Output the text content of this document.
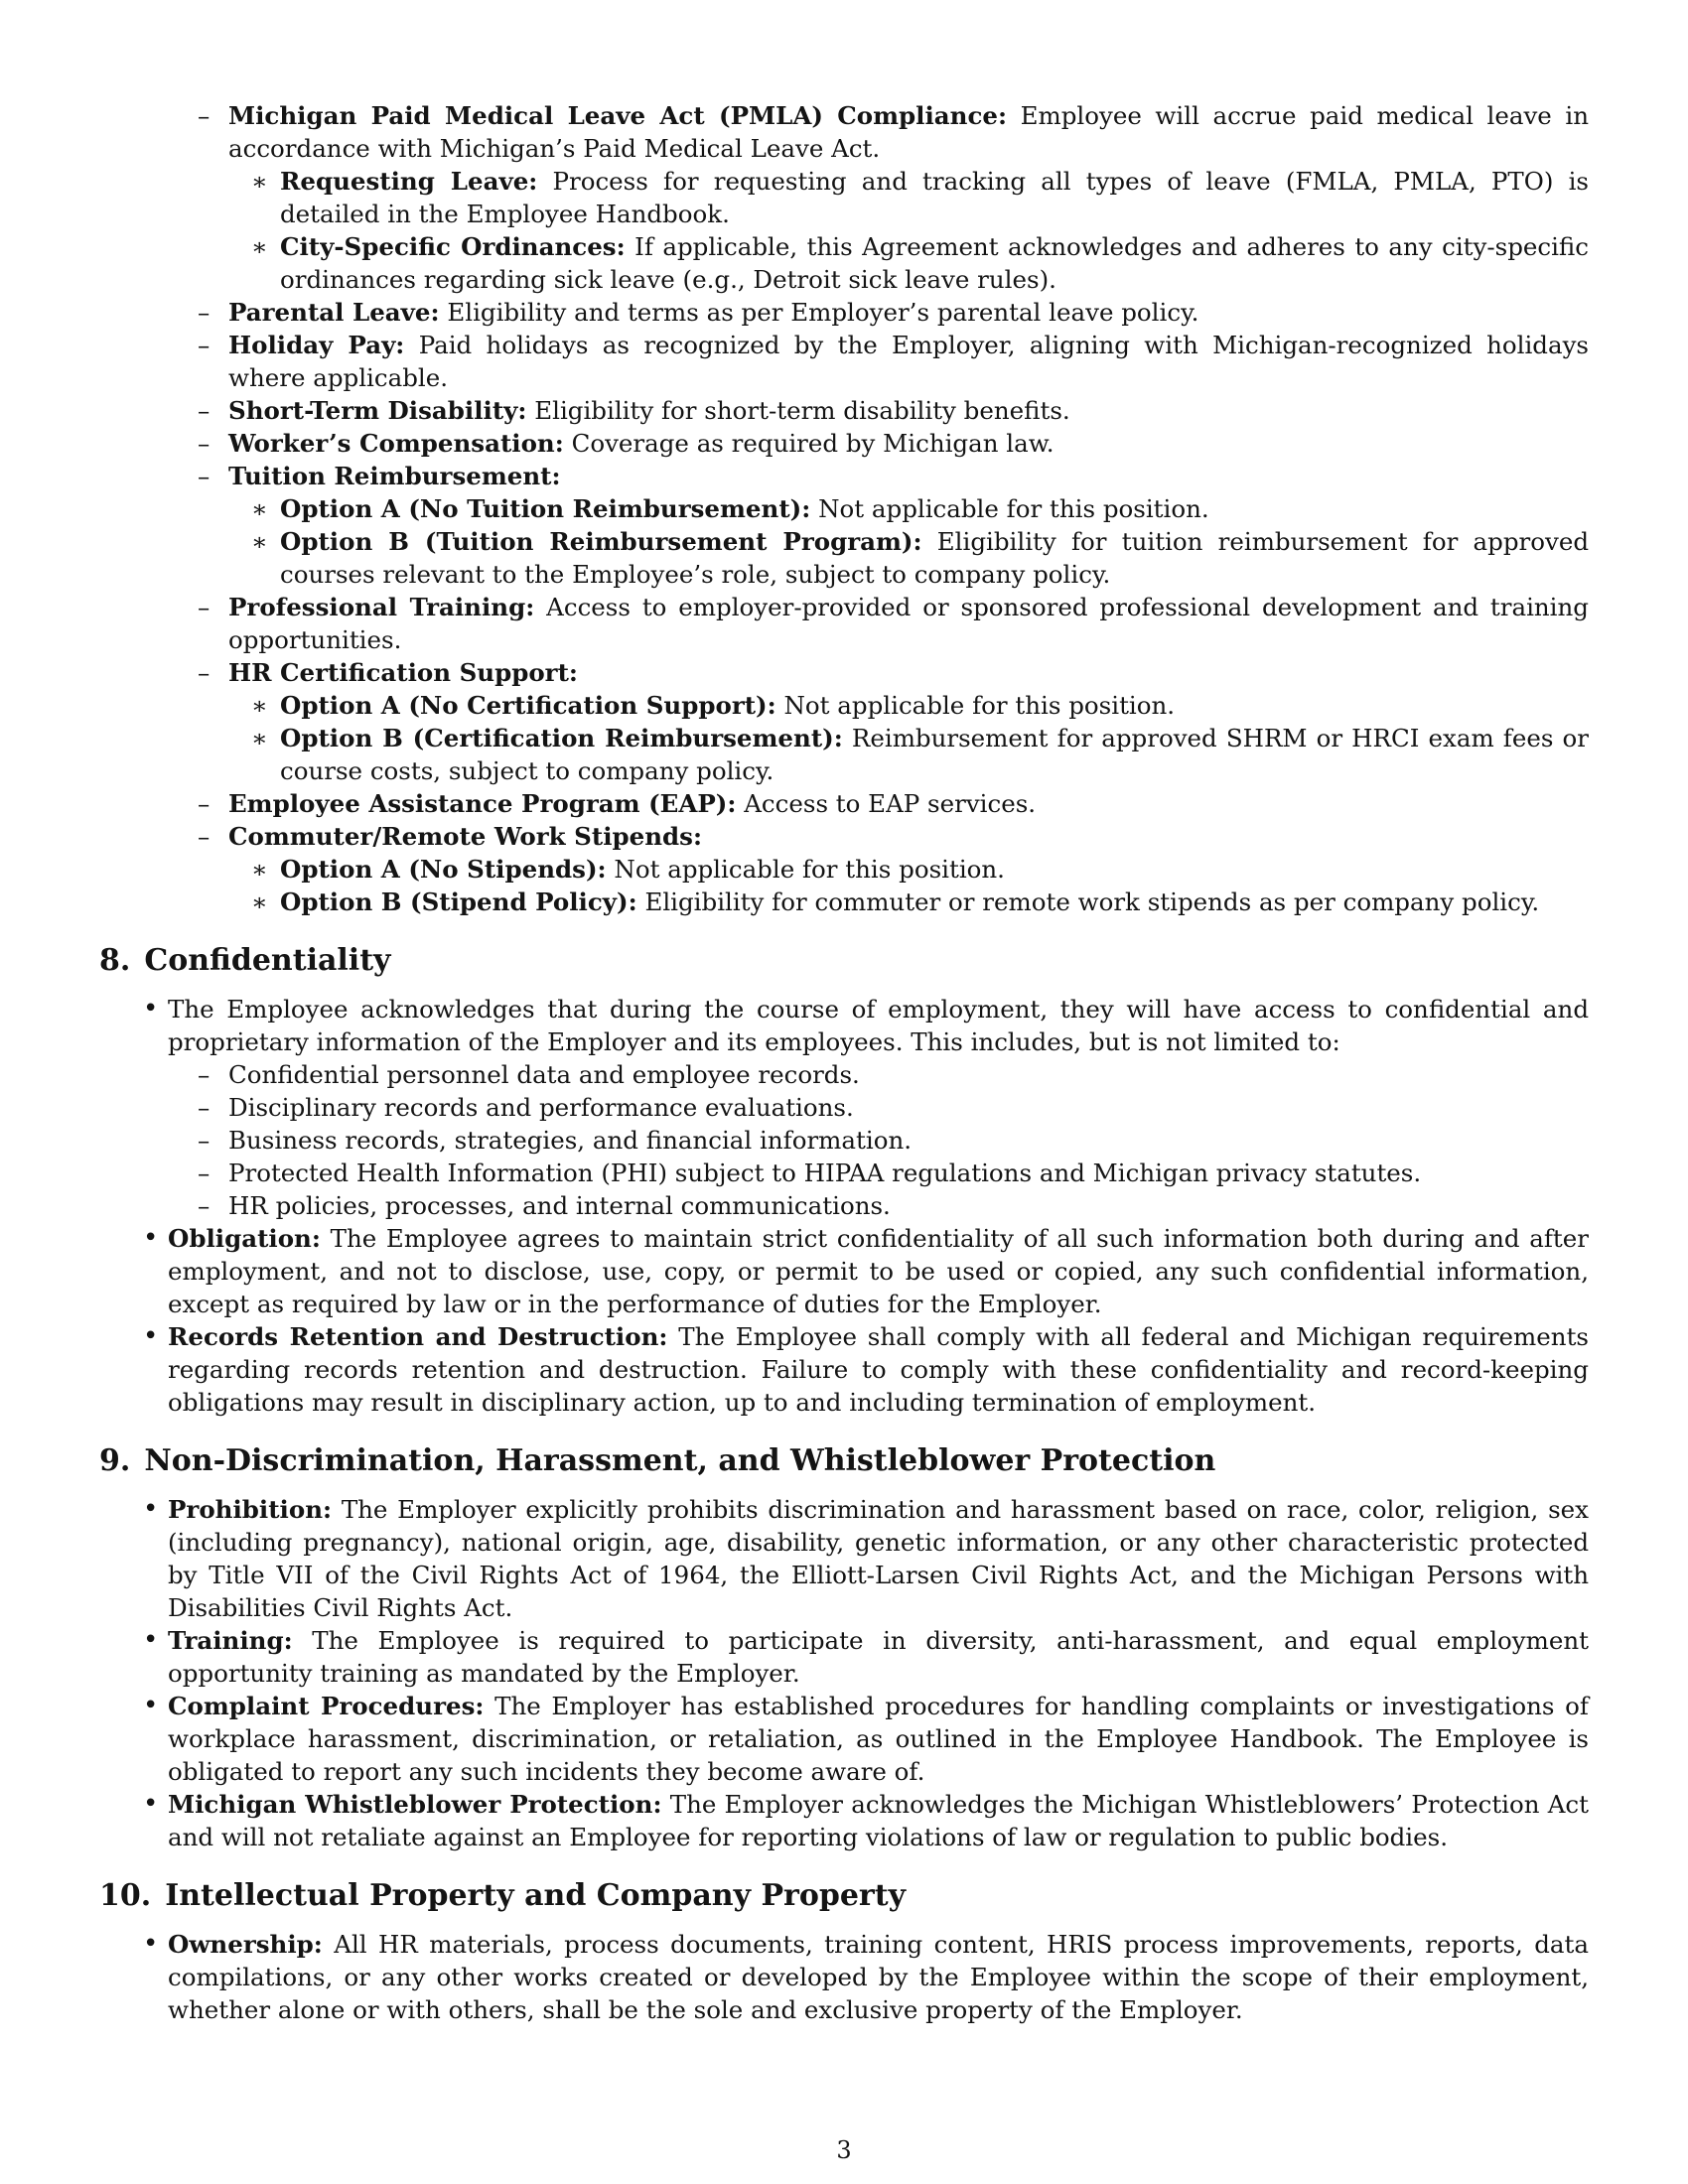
– Michigan Paid Medical Leave Act (PMLA) Compliance: Employee will accrue paid medical leave in accordance with Michigan’s Paid Medical Leave Act.
∗ Requesting Leave: Process for requesting and tracking all types of leave (FMLA, PMLA, PTO) is detailed in the Employee Handbook.
∗ City-Specific Ordinances: If applicable, this Agreement acknowledges and adheres to any city-specific ordinances regarding sick leave (e.g., Detroit sick leave rules).
– Parental Leave: Eligibility and terms as per Employer’s parental leave policy.
– Holiday Pay: Paid holidays as recognized by the Employer, aligning with Michigan-recognized holidays where applicable.
– Short-Term Disability: Eligibility for short-term disability benefits.
– Worker’s Compensation: Coverage as required by Michigan law.
– Tuition Reimbursement:
∗ Option A (No Tuition Reimbursement): Not applicable for this position.
∗ Option B (Tuition Reimbursement Program): Eligibility for tuition reimbursement for approved courses relevant to the Employee’s role, subject to company policy.
– Professional Training: Access to employer-provided or sponsored professional development and training opportunities.
– HR Certification Support:
∗ Option A (No Certification Support): Not applicable for this position.
∗ Option B (Certification Reimbursement): Reimbursement for approved SHRM or HRCI exam fees or course costs, subject to company policy.
– Employee Assistance Program (EAP): Access to EAP services.
– Commuter/Remote Work Stipends:
∗ Option A (No Stipends): Not applicable for this position.
∗ Option B (Stipend Policy): Eligibility for commuter or remote work stipends as per company policy.
8. Confidentiality
• The Employee acknowledges that during the course of employment, they will have access to confidential and proprietary information of the Employer and its employees. This includes, but is not limited to:
– Confidential personnel data and employee records.
– Disciplinary records and performance evaluations.
– Business records, strategies, and financial information.
– Protected Health Information (PHI) subject to HIPAA regulations and Michigan privacy statutes.
– HR policies, processes, and internal communications.
• Obligation: The Employee agrees to maintain strict confidentiality of all such information both during and after employment, and not to disclose, use, copy, or permit to be used or copied, any such confidential information, except as required by law or in the performance of duties for the Employer.
• Records Retention and Destruction: The Employee shall comply with all federal and Michigan requirements regarding records retention and destruction. Failure to comply with these confidentiality and record-keeping obligations may result in disciplinary action, up to and including termination of employment.
9. Non-Discrimination, Harassment, and Whistleblower Protection
• Prohibition: The Employer explicitly prohibits discrimination and harassment based on race, color, religion, sex (including pregnancy), national origin, age, disability, genetic information, or any other characteristic protected by Title VII of the Civil Rights Act of 1964, the Elliott-Larsen Civil Rights Act, and the Michigan Persons with Disabilities Civil Rights Act.
• Training: The Employee is required to participate in diversity, anti-harassment, and equal employment opportunity training as mandated by the Employer.
• Complaint Procedures: The Employer has established procedures for handling complaints or investigations of workplace harassment, discrimination, or retaliation, as outlined in the Employee Handbook. The Employee is obligated to report any such incidents they become aware of.
• Michigan Whistleblower Protection: The Employer acknowledges the Michigan Whistleblowers’ Protection Act and will not retaliate against an Employee for reporting violations of law or regulation to public bodies.
10. Intellectual Property and Company Property
• Ownership: All HR materials, process documents, training content, HRIS process improvements, reports, data compilations, or any other works created or developed by the Employee within the scope of their employment, whether alone or with others, shall be the sole and exclusive property of the Employer.
3
